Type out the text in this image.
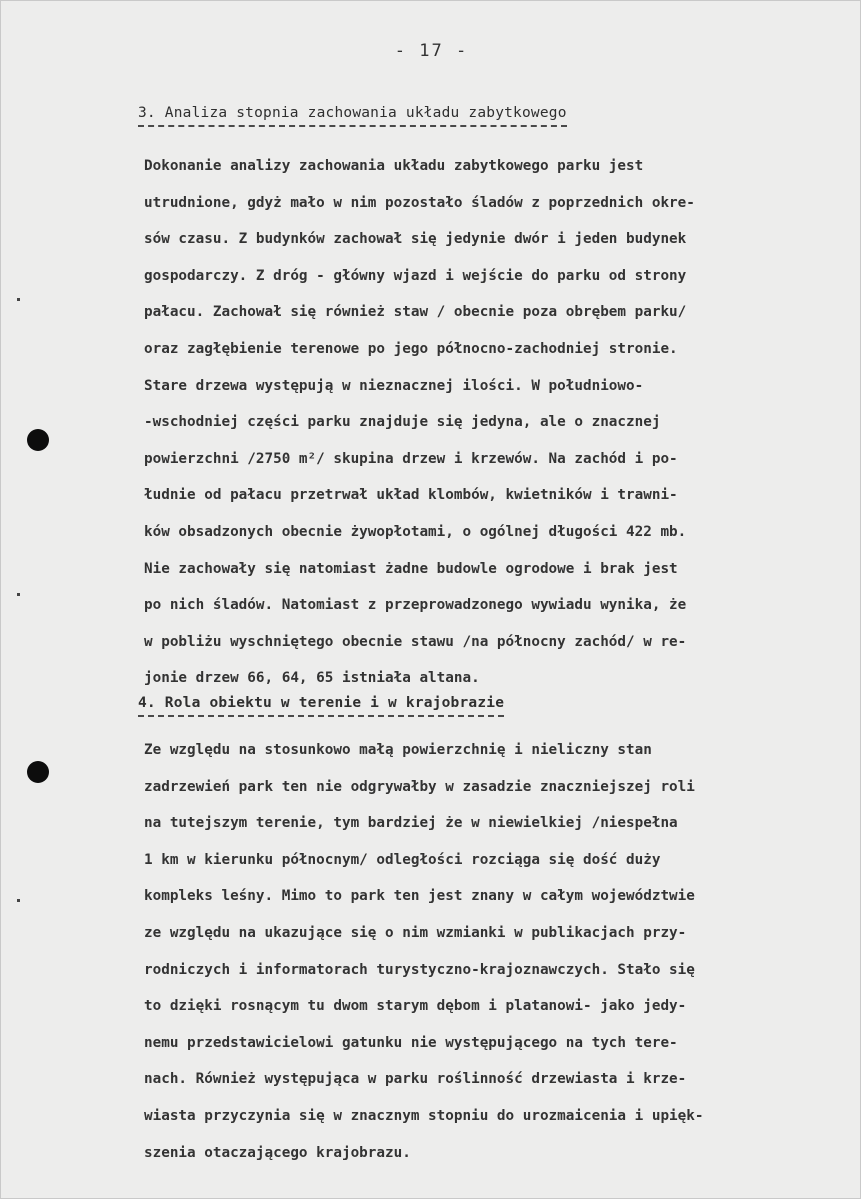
- 17 -
3. Analiza stopnia zachowania układu zabytkowego
Dokonanie analizy zachowania układu zabytkowego parku jest
utrudnione, gdyż mało w nim pozostało śladów z poprzednich okre-
sów czasu. Z budynków zachował się jedynie dwór i jeden budynek
gospodarczy. Z dróg - główny wjazd i wejście do parku od strony
pałacu. Zachował się również staw / obecnie poza obrębem parku/
oraz zagłębienie terenowe po jego północno-zachodniej stronie.
Stare drzewa występują w nieznacznej ilości. W południowo-
-wschodniej części parku znajduje się jedyna, ale o znacznej
powierzchni /2750 m²/ skupina drzew i krzewów. Na zachód i po-
łudnie od pałacu przetrwał układ klombów, kwietników i trawni-
ków obsadzonych obecnie żywopłotami, o ogólnej długości 422 mb.
Nie zachowały się natomiast żadne budowle ogrodowe i brak jest
po nich śladów. Natomiast z przeprowadzonego wywiadu wynika, że
w pobliżu wyschniętego obecnie stawu /na północny zachód/ w re-
jonie drzew 66, 64, 65 istniała altana.
4. Rola obiektu w terenie i w krajobrazie
Ze względu na stosunkowo małą powierzchnię i nieliczny stan
zadrzewień park ten nie odgrywałby w zasadzie znaczniejszej roli
na tutejszym terenie, tym bardziej że w niewielkiej /niespełna
1 km w kierunku północnym/ odległości rozciąga się dość duży
kompleks leśny. Mimo to park ten jest znany w całym województwie
ze względu na ukazujące się o nim wzmianki w publikacjach przy-
rodniczych i informatorach turystyczno-krajoznawczych. Stało się
to dzięki rosnącym tu dwom starym dębom i platanowi- jako jedy-
nemu przedstawicielowi gatunku nie występującego na tych tere-
nach. Również występująca w parku roślinność drzewiasta i krze-
wiasta przyczynia się w znacznym stopniu do urozmaicenia i upięk-
szenia otaczającego krajobrazu.
